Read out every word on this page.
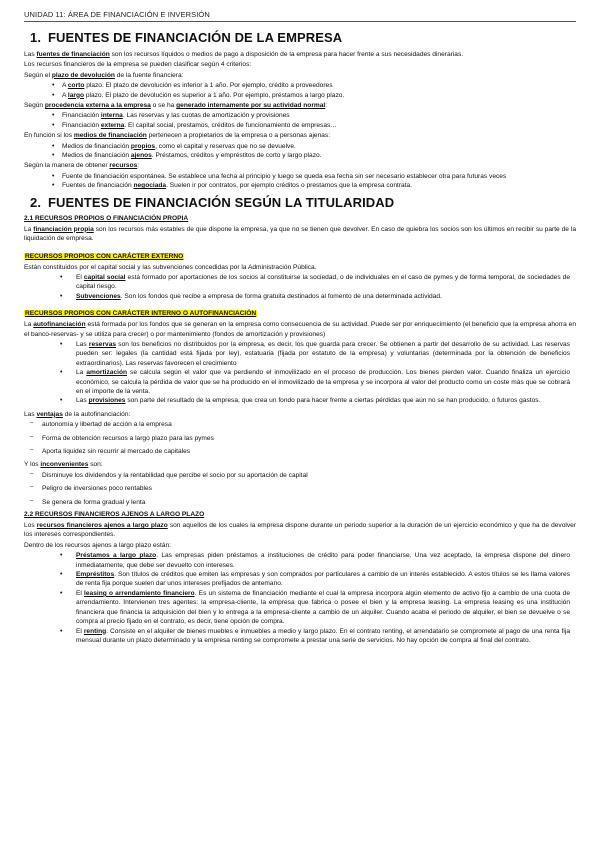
UNIDAD 11: ÁREA DE FINANCIACIÓN E INVERSIÓN
1. FUENTES DE FINANCIACIÓN DE LA EMPRESA

Las fuentes de financiación son los recursos líquidos o medios de pago a disposición de la empresa para hacer frente a sus necesidades dinerarias.

Los recursos financieros de la empresa se pueden clasificar según 4 criterios:

Según el plazo de devolución de la fuente financiera:

• A corto plazo. El plazo de devolución es inferior a 1 año. Por ejemplo, crédito a proveedores
• A largo plazo. El plazo de devolución es superior a 1 año. Por ejemplo, préstamos a largo plazo.

Según procedencia externa a la empresa o se ha generado internamente por su actividad normal:

• Financiación interna. Las reservas y las cuotas de amortización y provisiones
• Financiación externa. El capital social, prestamos, créditos de funcionamiento de empresas…

En función si los medios de financiación pertenecen a propietarios de la empresa o a personas ajenas:

• Medios de financiación propios, como el capital y reservas que no se devuelve.
• Medios de financiación ajenos. Préstamos, créditos y empréstitos de corto y largo plazo.

Según la manera de obtener recursos:

• Fuente de financiación espontánea. Se establece una fecha al principio y luego se queda esa fecha sin ser necesario establecer otra para futuras veces
• Fuentes de financiación negociada. Suelen ir por contratos, por ejemplo créditos o prestamos que la empresa contrata.
2. FUENTES DE FINANCIACIÓN SEGÚN LA TITULARIDAD
2.1 RECURSOS PROPIOS O FINANCIACIÓN PROPIA

La financiación propia son los recursos más estables de que dispone la empresa, ya que no se tienen que devolver. En caso de quiebra los socios son los últimos en recibir su parte de la liquidación de empresa.

RECURSOS PROPIOS CON CARÁCTER EXTERNO

Están constituidos por el capital social y las subvenciones concedidas por la Administración Pública.

• El capital social está formado por aportaciones de los socios al constituirse la sociedad, o de individuales en el caso de pymes y de forma temporal, de sociedades de capital riesgo.
• Subvenciones. Son los fondos que recibe a empresa de forma gratuita destinados al fomento de una determinada actividad.
RECURSOS PROPIOS CON CARÁCTER INTERNO O AUTOFINANCIACIÓN

La autofinanciación está formada por los fondos que se generan en la empresa como consecuencia de su actividad. Puede ser por enriquecimiento (el beneficio que la empresa ahorra en el banco-reservas- y se utiliza para crecer) o por mantenimiento (fondos de amortización y provisiones)

• Las reservas son los beneficios no distribuidos por la empresa, es decir, los que guarda para crecer. Se obtienen a partir del desarrollo de su actividad. Las reservas pueden ser: legales (la cantidad está fijada por ley), estatuaria (fijada por estatuto de la empresa) y voluntarias (determinada por la obtención de beneficios extraordinarios). Las reservas favorecen el crecimiento
• La amortización se calcula según el valor que va perdiendo el inmovilizado en el proceso de producción. Los bienes pierden valor. Cuando finaliza un ejercicio económico, se calcula la pérdida de valor que se ha producido en el inmovilizado de la empresa y se incorpora al valor del producto como un coste más que se cobrará en el importe de la venta.
• Las provisiones son parte del resultado de la empresa, que crea un fondo para hacer frente a ciertas pérdidas que aún no se han producido, o futuros gastos.

Las ventajas de la autofinanciación:

– autonomía y libertad de acción a la empresa
– Forma de obtención recursos a largo plazo para las pymes
– Aporta liquidez sin recurrir al mercado de capitales

Y los inconvenientes son:

– Disminuye los dividendos y la rentabilidad que percibe el socio por su aportación de capital
– Peligro de inversiones poco rentables
– Se genera de forma gradual y lenta
2.2 RECURSOS FINANCIEROS AJENOS A LARGO PLAZO

Los recursos financieros ajenos a largo plazo son aquellos de los cuales la empresa dispone durante un periodo superior a la duración de un ejercicio económico y que ha de devolver los intereses correspondientes.

Dentro de los recursos ajenos a largo plazo están:

• Préstamos a largo plazo. Las empresas piden préstamos a instituciones de crédito para poder financiarse. Una vez aceptado, la empresa dispone del dinero inmediatamente, que debe ser devuelto con intereses.
• Empréstitos. Son títulos de créditos que emiten las empresas y son comprados por particulares a cambio de un interés establecido. A estos títulos se les llama valores de renta fija porque suelen dar unos intereses prefijados de antemano.
• El leasing o arrendamiento financiero. Es un sistema de financiación mediante el cual la empresa incorpora algún elemento de activo fijo a cambio de una cuota de arrendamiento. Intervienen tres agentes: la empresa-cliente, la empresa que fabrica o posee el bien y la empresa leasing. La empresa leasing es una institución financiera que financia la adquisición del bien y lo entrega a la empresa-cliente a cambio de un alquiler. Cuando acaba el periodo de alquiler, el bien se devuelve o se compra al precio fijado en el contrato, es decir, tiene opción de compra.
• El renting. Consiste en el alquiler de bienes muebles e inmuebles a medio y largo plazo. En el contrato renting, el arrendatario se compromete al pago de una renta fija mensual durante un plazo determinado y la empresa renting se compromete a prestar una serie de servicios. No hay opción de compra al final del contrato.
